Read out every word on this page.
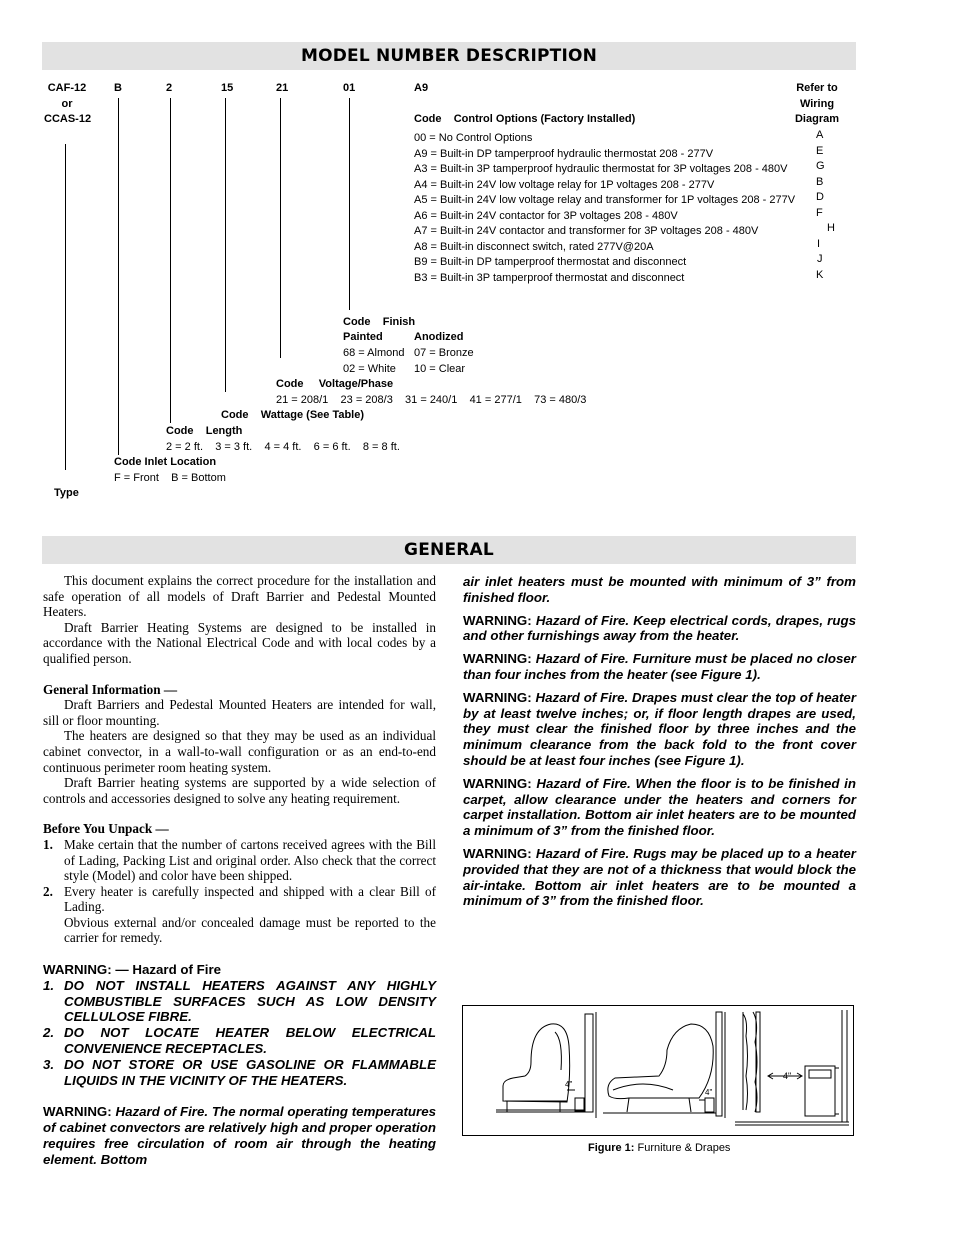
MODEL NUMBER DESCRIPTION
CAF-12
or
CCAS-12
B	2	15	21	01	A9	Refer to
Wiring
Diagram
Code    Control Options (Factory Installed)
00 = No Control Options	A
A9 = Built-in DP tamperproof hydraulic thermostat 208 - 277V	E
A3 = Built-in 3P tamperproof hydraulic thermostat for 3P voltages 208 - 480V	G
A4 = Built-in 24V low voltage relay for 1P voltages 208 - 277V	B
A5 = Built-in 24V low voltage relay and transformer for 1P voltages 208 - 277V D
A6 = Built-in 24V contactor for 3P voltages 208 - 480V	F
A7 = Built-in 24V contactor and transformer for 3P voltages 208 - 480V	H
A8 = Built-in disconnect switch, rated 277V@20A	I
B9 = Built-in DP tamperproof thermostat and disconnect	J
B3 = Built-in 3P tamperproof thermostat and disconnect	K
Code    Finish
Painted	Anodized
68 = Almond 07 = Bronze
02 = White 10 = Clear
Code     Voltage/Phase
21 = 208/1    23 = 208/3    31 = 240/1    41 = 277/1    73 = 480/3
Code    Wattage (See Table)
Code    Length
2 = 2 ft.    3 = 3 ft.    4 = 4 ft.    6 = 6 ft.    8 = 8 ft.
Code Inlet Location
F = Front    B = Bottom
Type
GENERAL

This document explains the correct procedure for the installation and safe operation of all models of Draft Barrier and Pedestal Mounted Heaters.

Draft Barrier Heating Systems are designed to be installed in accordance with the National Electrical Code and with local codes by a qualified person.

General Information —

Draft Barriers and Pedestal Mounted Heaters are intended for wall, sill or floor mounting.

The heaters are designed so that they may be used as an individual cabinet convector, in a wall-to-wall configuration or as an end-to-end continuous perimeter room heating system.

Draft Barrier heating systems are supported by a wide selection of controls and accessories designed to solve any heating requirement.

Before You Unpack —

1. Make certain that the number of cartons received agrees with the Bill of Lading, Packing List and original order. Also check that the correct style (Model) and color have been shipped.

2. Every heater is carefully inspected and shipped with a clear Bill of Lading.

Obvious external and/or concealed damage must be reported to the carrier for remedy.

WARNING: — Hazard of Fire
1. DO NOT INSTALL HEATERS AGAINST ANY HIGHLY COMBUSTIBLE SURFACES SUCH AS LOW DENSITY CELLULOSE FIBRE.
2. DO NOT LOCATE HEATER BELOW ELECTRICAL CONVENIENCE RECEPTACLES.
3. DO NOT STORE OR USE GASOLINE OR FLAMMABLE LIQUIDS IN THE VICINITY OF THE HEATERS.
WARNING: Hazard of Fire. The normal operating temperatures of cabinet convectors are relatively high and proper operation requires free circulation of room air through the heating element. Bottom
air inlet heaters must be mounted with minimum of 3” from finished floor.
WARNING: Hazard of Fire. Keep electrical cords, drapes, rugs and other furnishings away from the heater.
WARNING: Hazard of Fire. Furniture must be placed no closer than four inches from the heater (see Figure 1).
WARNING: Hazard of Fire. Drapes must clear the top of heater by at least twelve inches; or, if floor length drapes are used, they must clear the finished floor by three inches and the minimum clearance from the back fold to the front cover should be at least four inches (see Figure 1).
WARNING: Hazard of Fire. When the floor is to be finished in carpet, allow clearance under the heaters and corners for carpet installation. Bottom air inlet heaters are to be mounted a minimum of 3” from the finished floor.
WARNING: Hazard of Fire. Rugs may be placed up to a heater provided that they are not of a thickness that would block the air-intake. Bottom air inlet heaters are to be mounted a minimum of 3” from the finished floor.
4"
4"
4"
Figure 1: Furniture & Drapes
